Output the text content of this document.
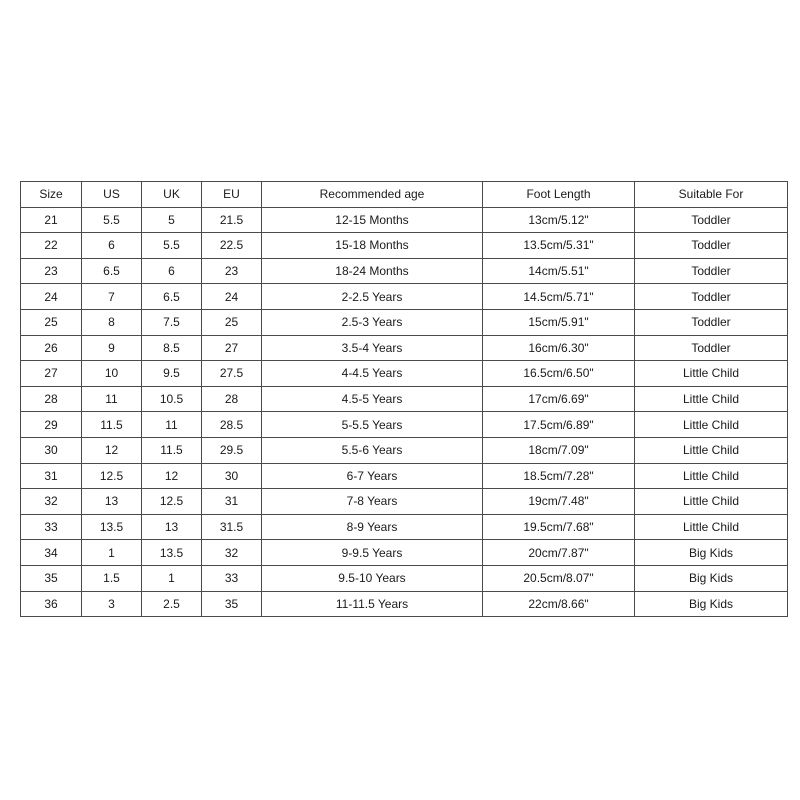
Size	US	UK	EU	Recommended age	Foot Length	Suitable For
21	5.5	5	21.5	12-15 Months	13cm/5.12"	Toddler
22	6	5.5	22.5	15-18 Months	13.5cm/5.31"	Toddler
23	6.5	6	23	18-24 Months	14cm/5.51"	Toddler
24	7	6.5	24	2-2.5 Years	14.5cm/5.71"	Toddler
25	8	7.5	25	2.5-3 Years	15cm/5.91"	Toddler
26	9	8.5	27	3.5-4 Years	16cm/6.30"	Toddler
27	10	9.5	27.5	4-4.5 Years	16.5cm/6.50"	Little Child
28	11	10.5	28	4.5-5 Years	17cm/6.69"	Little Child
29	11.5	11	28.5	5-5.5 Years	17.5cm/6.89"	Little Child
30	12	11.5	29.5	5.5-6 Years	18cm/7.09"	Little Child
31	12.5	12	30	6-7 Years	18.5cm/7.28"	Little Child
32	13	12.5	31	7-8 Years	19cm/7.48"	Little Child
33	13.5	13	31.5	8-9 Years	19.5cm/7.68"	Little Child
34	1	13.5	32	9-9.5 Years	20cm/7.87"	Big Kids
35	1.5	1	33	9.5-10 Years	20.5cm/8.07"	Big Kids
36	3	2.5	35	11-11.5 Years	22cm/8.66"	Big Kids
